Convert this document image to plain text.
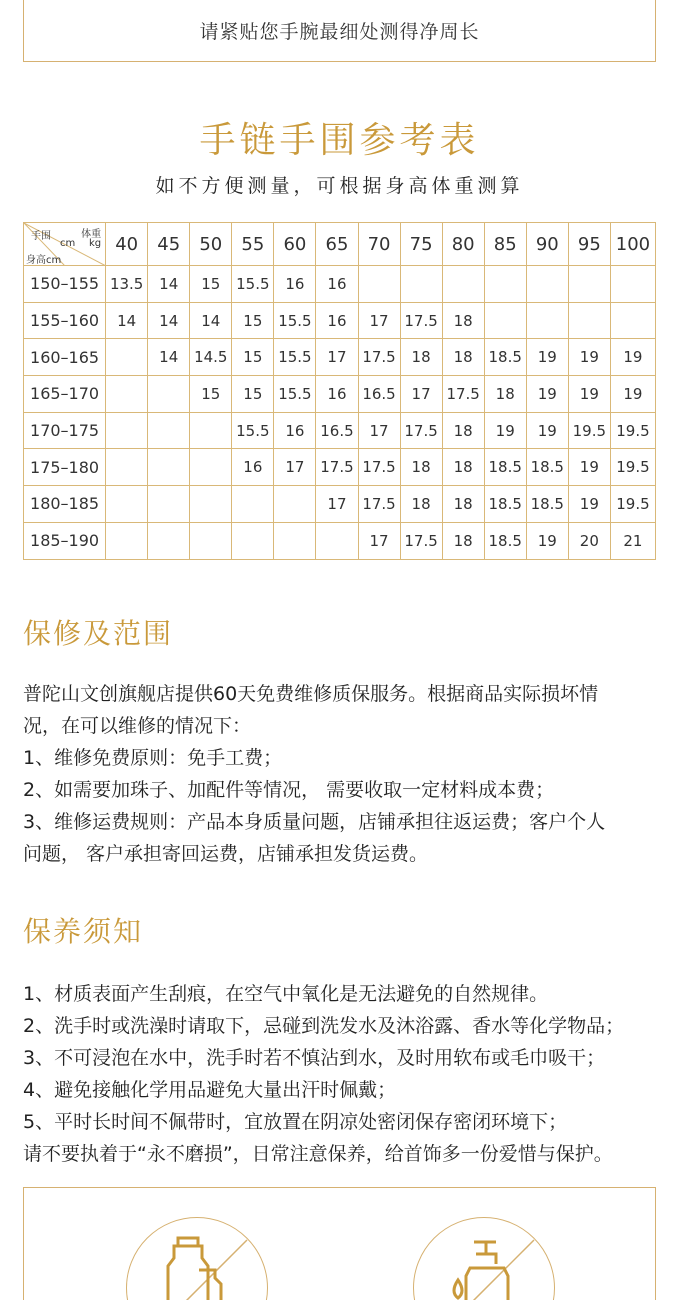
请紧贴您手腕最细处测得净周长
手链手围参考表
如不方便测量，可根据身高体重测算
体重
kg
手围
cm
身高cm	40	45	50	55	60	65	70	75	80	85	90	95	100
150–155	13.5	14	15	15.5	16	16							
155–160	14	14	14	15	15.5	16	17	17.5	18				
160–165		14	14.5	15	15.5	17	17.5	18	18	18.5	19	19	19
165–170			15	15	15.5	16	16.5	17	17.5	18	19	19	19
170–175				15.5	16	16.5	17	17.5	18	19	19	19.5	19.5
175–180				16	17	17.5	17.5	18	18	18.5	18.5	19	19.5
180–185						17	17.5	18	18	18.5	18.5	19	19.5
185–190							17	17.5	18	18.5	19	20	21
保修及范围
普陀山文创旗舰店提供60天免费维修质保服务。根据商品实际损坏情
况，在可以维修的情况下：
1、维修免费原则：免手工费；
2、如需要加珠子、加配件等情况， 需要收取一定材料成本费；
3、维修运费规则：产品本身质量问题，店铺承担往返运费；客户个人
问题， 客户承担寄回运费，店铺承担发货运费。
保养须知
1、材质表面产生刮痕，在空气中氧化是无法避免的自然规律。
2、洗手时或洗澡时请取下，忌碰到洗发水及沐浴露、香水等化学物品；
3、不可浸泡在水中，洗手时若不慎沾到水，及时用软布或毛巾吸干；
4、避免接触化学用品避免大量出汗时佩戴；
5、平时长时间不佩带时，宜放置在阴凉处密闭保存密闭环境下；
请不要执着于“永不磨损”，日常注意保养，给首饰多一份爱惜与保护。
